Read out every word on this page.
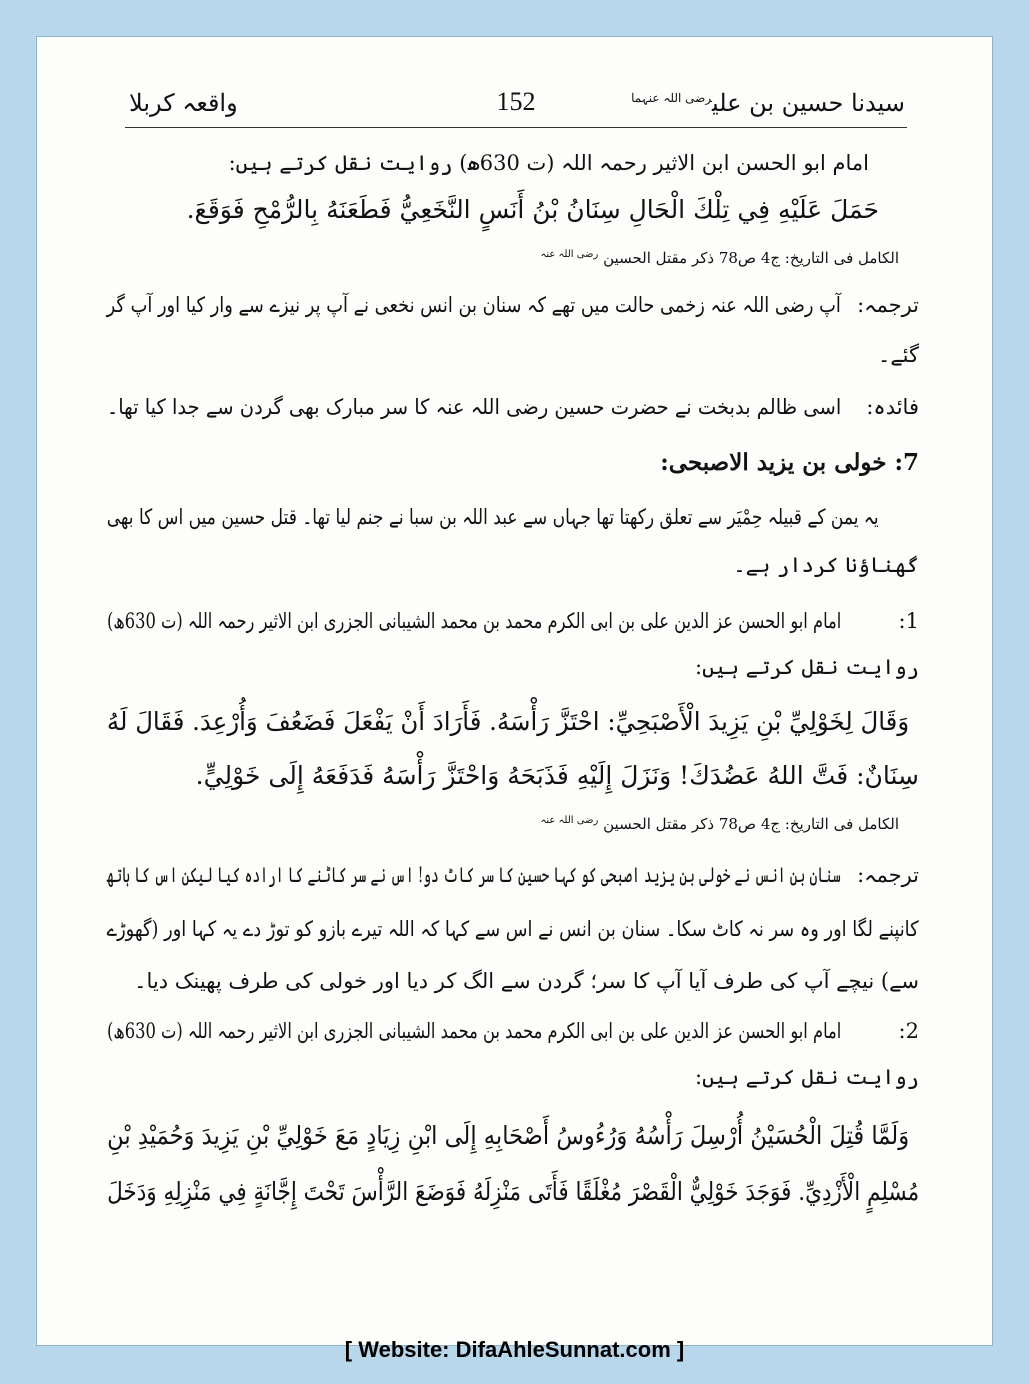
سیدنا حسین بن علی$^{رضی اللہ عنہما}$
152
واقعہ کربلا
امام ابو الحسن ابن الاثیر رحمہ اللہ (ت 630ھ) روایت نقل کرتے ہیں:
حَمَلَ عَلَيْهِ فِي تِلْكَ الْحَالِ سِنَانُ بْنُ أَنَسٍ النَّخَعِيُّ فَطَعَنَهُ بِالرُّمْحِ فَوَقَعَ.
الکامل فی التاریخ: ج4 ص78 ذکر مقتل الحسین $^{رضی اللہ عنہ}$
ترجمہ:
آپ رضی اللہ عنہ زخمی حالت میں تھے کہ سنان بن انس نخعی نے آپ پر نیزے سے وار کیا اور آپ گر
گئے۔
فائدہ:
اسی ظالم بدبخت نے حضرت حسین رضی اللہ عنہ کا سر مبارک بھی گردن سے جدا کیا تھا۔
7: خولی بن یزید الاصبحی:
یہ یمن کے قبیلہ حِمْیَر سے تعلق رکھتا تھا جہاں سے عبد اللہ بن سبا نے جنم لیا تھا۔ قتل حسین میں اس کا بھی
گھناؤنا کردار ہے۔
1:
امام ابو الحسن عز الدین علی بن ابی الکرم محمد بن محمد الشیبانی الجزری ابن الاثیر رحمہ اللہ (ت 630ھ)
روایت نقل کرتے ہیں:
وَقَالَ لِخَوْلِيِّ بْنِ يَزِيدَ الْأَصْبَحِيِّ: احْتَزَّ رَأْسَهُ. فَأَرَادَ أَنْ يَفْعَلَ فَضَعُفَ وَأُرْعِدَ. فَقَالَ لَهُ
سِنَانٌ: فَتَّ اللهُ عَضُدَكَ! وَنَزَلَ إِلَيْهِ فَذَبَحَهُ وَاحْتَزَّ رَأْسَهُ فَدَفَعَهُ إِلَى خَوْلِيٍّ.
الکامل فی التاریخ: ج4 ص78 ذکر مقتل الحسین $^{رضی اللہ عنہ}$
ترجمہ:
سنان بن انس نے خولی بن یزید اصبحی کو کہا حسین کا سر کاٹ دو! اس نے سر کاٹنے کا ارادہ کیا لیکن اس کا ہاتھ
کانپنے لگا اور وہ سر نہ کاٹ سکا۔ سنان بن انس نے اس سے کہا کہ اللہ تیرے بازو کو توڑ دے یہ کہا اور (گھوڑے
سے) نیچے آپ کی طرف آیا آپ کا سر؛ گردن سے الگ کر دیا اور خولی کی طرف پھینک دیا۔
2:
امام ابو الحسن عز الدین علی بن ابی الکرم محمد بن محمد الشیبانی الجزری ابن الاثیر رحمہ اللہ (ت 630ھ)
روایت نقل کرتے ہیں:
وَلَمَّا قُتِلَ الْحُسَيْنُ أُرْسِلَ رَأْسُهُ وَرُءُوسُ أَصْحَابِهِ إِلَى ابْنِ زِيَادٍ مَعَ خَوْلِيِّ بْنِ يَزِيدَ وَحُمَيْدِ بْنِ
مُسْلِمٍ الْأَزْدِيِّ. فَوَجَدَ خَوْلِيٌّ الْقَصْرَ مُغْلَقًا فَأَتَى مَنْزِلَهُ فَوَضَعَ الرَّأْسَ تَحْتَ إِجَّانَةٍ فِي مَنْزِلِهِ وَدَخَلَ
[ Website: DifaAhleSunnat.com ]
